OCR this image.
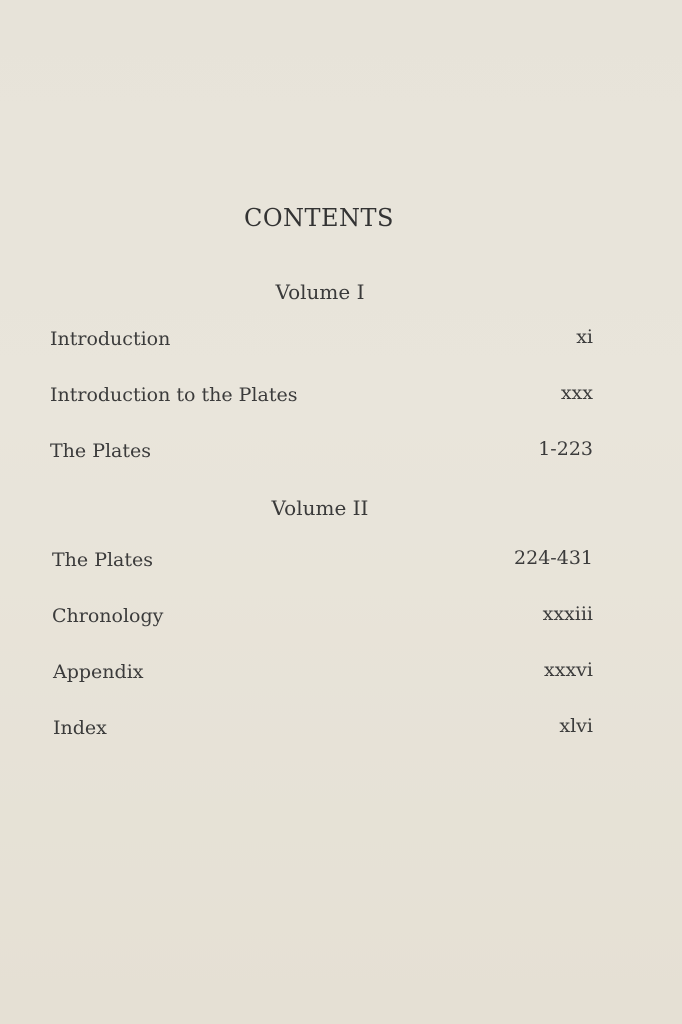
CONTENTS
Volume I
Introduction	xi
Introduction to the Plates	xxx
The Plates	1-223
Volume II
The Plates	224-431
Chronology	xxxiii
Appendix	xxxvi
Index	xlvi
